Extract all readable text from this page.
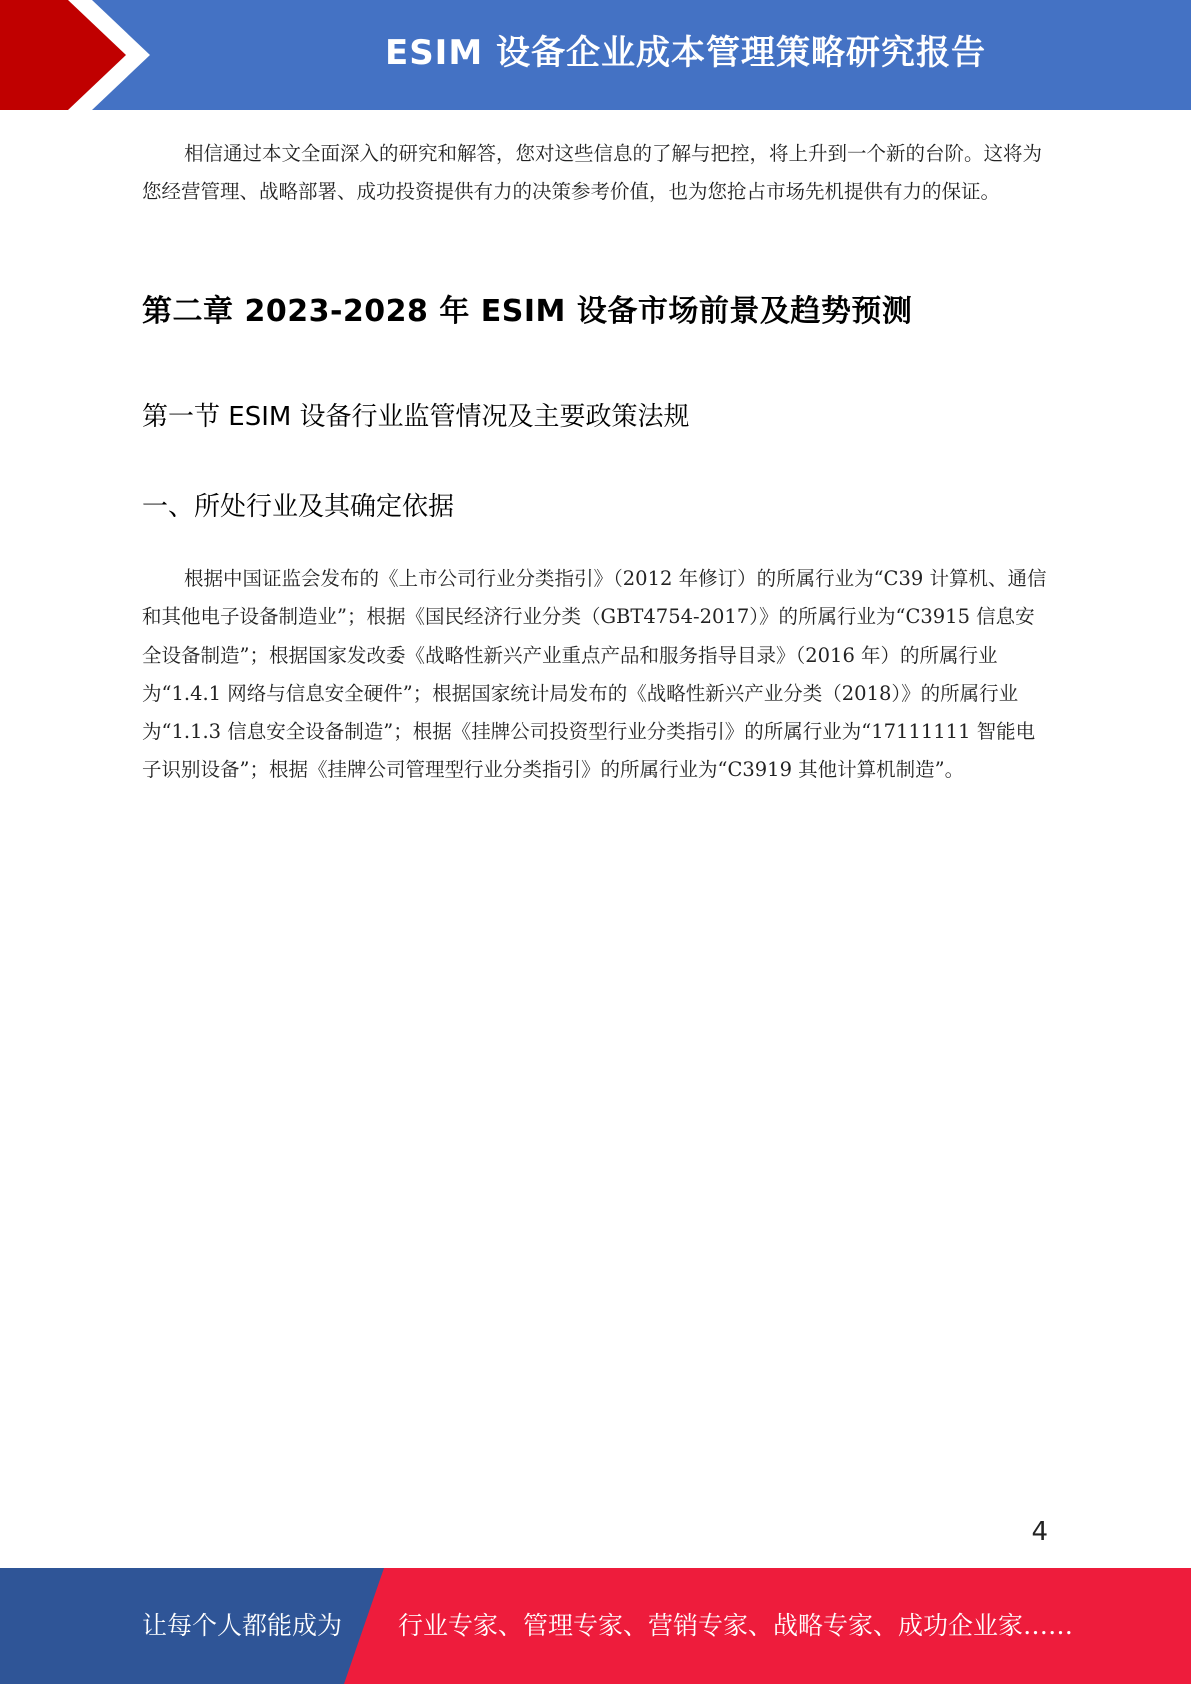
ESIM 设备企业成本管理策略研究报告

相信通过本文全面深入的研究和解答，您对这些信息的了解与把控，将上升到一个新的台阶。这将为您经营管理、战略部署、成功投资提供有力的决策参考价值，也为您抢占市场先机提供有力的保证。

第二章 2023-2028 年 ESIM 设备市场前景及趋势预测
第一节 ESIM 设备行业监管情况及主要政策法规
一、所处行业及其确定依据

根据中国证监会发布的《上市公司行业分类指引》（2012 年修订）的所属行业为“C39 计算机、通信和其他电子设备制造业”；根据《国民经济行业分类（GBT4754-2017）》的所属行业为“C3915 信息安全设备制造”；根据国家发改委《战略性新兴产业重点产品和服务指导目录》（2016 年）的所属行业为“1.4.1 网络与信息安全硬件”；根据国家统计局发布的《战略性新兴产业分类（2018）》的所属行业为“1.1.3 信息安全设备制造”；根据《挂牌公司投资型行业分类指引》的所属行业为“17111111 智能电子识别设备”；根据《挂牌公司管理型行业分类指引》的所属行业为“C3919 其他计算机制造”。

4
让每个人都能成为 行业专家、管理专家、营销专家、战略专家、成功企业家……
